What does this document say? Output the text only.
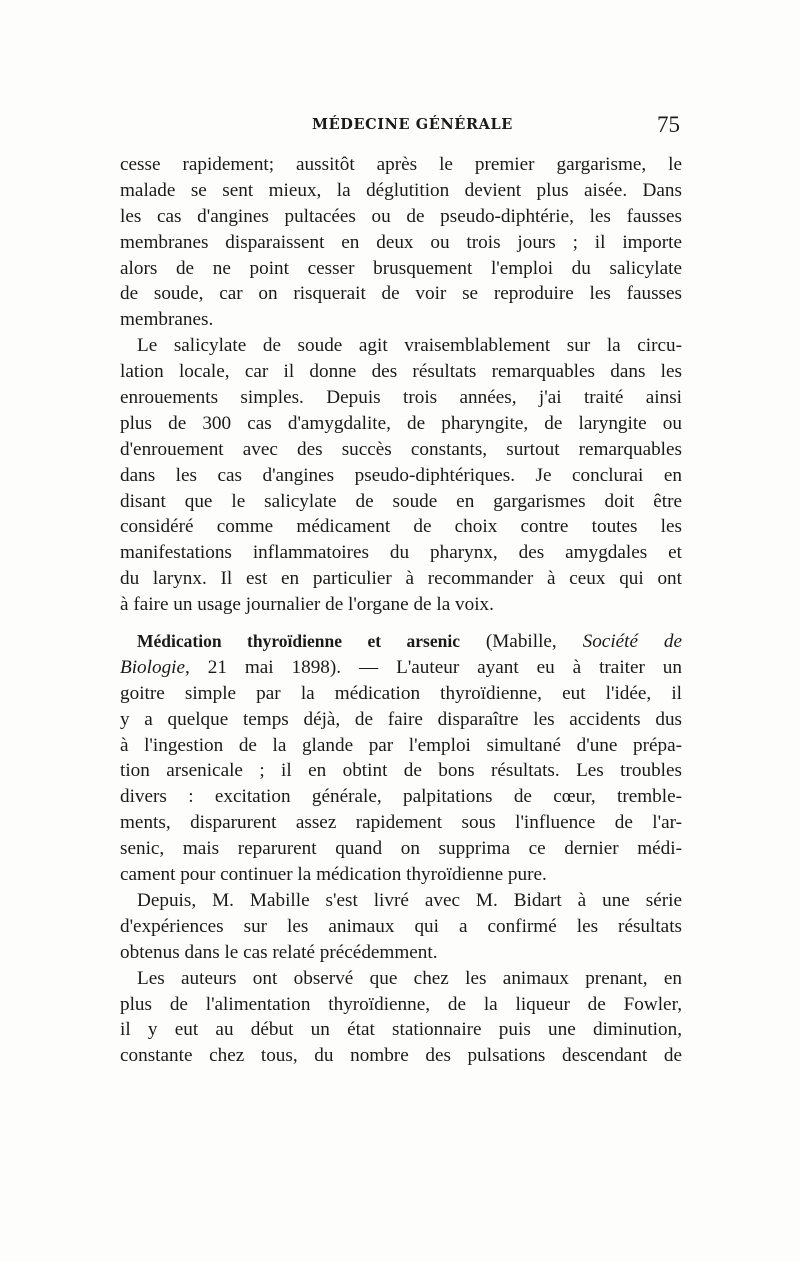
MÉDECINE GÉNÉRALE	75
cesse rapidement; aussitôt après le premier gargarisme, le
malade se sent mieux, la déglutition devient plus aisée. Dans
les cas d'angines pultacées ou de pseudo-diphtérie, les fausses
membranes disparaissent en deux ou trois jours ; il importe
alors de ne point cesser brusquement l'emploi du salicylate
de soude, car on risquerait de voir se reproduire les fausses
membranes.
Le salicylate de soude agit vraisemblablement sur la circu-
lation locale, car il donne des résultats remarquables dans les
enrouements simples. Depuis trois années, j'ai traité ainsi
plus de 300 cas d'amygdalite, de pharyngite, de laryngite ou
d'enrouement avec des succès constants, surtout remarquables
dans les cas d'angines pseudo-diphtériques. Je conclurai en
disant que le salicylate de soude en gargarismes doit être
considéré comme médicament de choix contre toutes les
manifestations inflammatoires du pharynx, des amygdales et
du larynx. Il est en particulier à recommander à ceux qui ont
à faire un usage journalier de l'organe de la voix.
Médication thyroïdienne et arsenic (Mabille, Société de
Biologie, 21 mai 1898). — L'auteur ayant eu à traiter un
goitre simple par la médication thyroïdienne, eut l'idée, il
y a quelque temps déjà, de faire disparaître les accidents dus
à l'ingestion de la glande par l'emploi simultané d'une prépa-
tion arsenicale ; il en obtint de bons résultats. Les troubles
divers : excitation générale, palpitations de cœur, tremble-
ments, disparurent assez rapidement sous l'influence de l'ar-
senic, mais reparurent quand on supprima ce dernier médi-
cament pour continuer la médication thyroïdienne pure.
Depuis, M. Mabille s'est livré avec M. Bidart à une série
d'expériences sur les animaux qui a confirmé les résultats
obtenus dans le cas relaté précédemment.
Les auteurs ont observé que chez les animaux prenant, en
plus de l'alimentation thyroïdienne, de la liqueur de Fowler,
il y eut au début un état stationnaire puis une diminution,
constante chez tous, du nombre des pulsations descendant de
